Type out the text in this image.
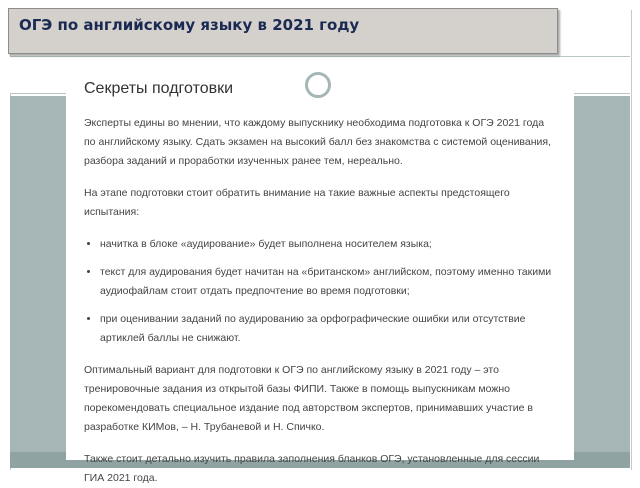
ОГЭ по английскому языку в 2021 году
Секреты подготовки

Эксперты едины во мнении, что каждому выпускнику необходима подготовка к ОГЭ 2021 года по английскому языку. Сдать экзамен на высокий балл без знакомства с системой оценивания, разбора заданий и проработки изученных ранее тем, нереально.

На этапе подготовки стоит обратить внимание на такие важные аспекты предстоящего испытания:

• начитка в блоке «аудирование» будет выполнена носителем языка;
• текст для аудирования будет начитан на «британском» английском, поэтому именно такими аудиофайлам стоит отдать предпочтение во время подготовки;
• при оценивании заданий по аудированию за орфографические ошибки или отсутствие артиклей баллы не снижают.

Оптимальный вариант для подготовки к ОГЭ по английскому языку в 2021 году – это тренировочные задания из открытой базы ФИПИ. Также в помощь выпускникам можно порекомендовать специальное издание под авторством экспертов, принимавших участие в разработке КИМов, – Н. Трубаневой и Н. Спичко.

Также стоит детально изучить правила заполнения бланков ОГЭ, установленные для сессии ГИА 2021 года.
